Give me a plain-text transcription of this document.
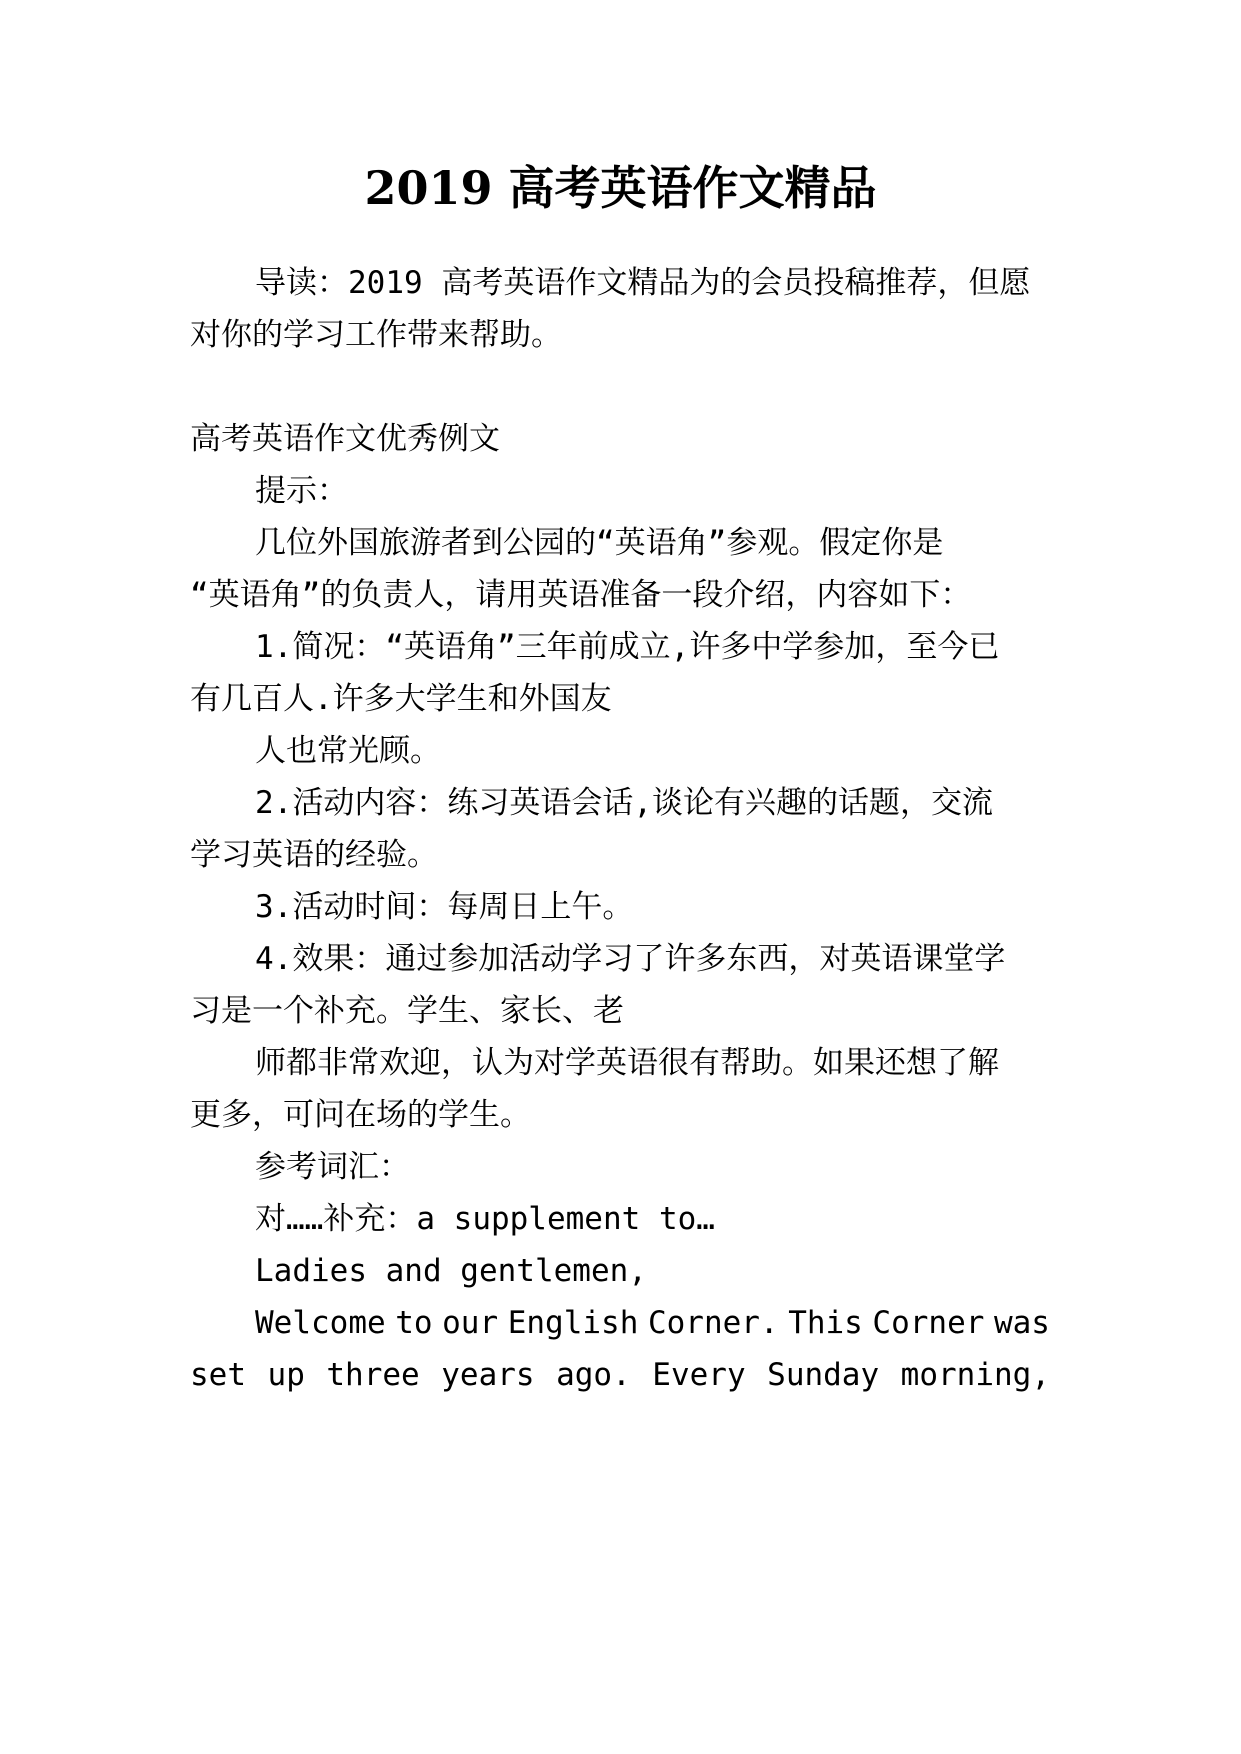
2019 高考英语作文精品
导读：2019 高考英语作文精品为的会员投稿推荐，但愿
对你的学习工作带来帮助。
高考英语作文优秀例文
提示：
几位外国旅游者到公园的“英语角”参观。假定你是
“英语角”的负责人，请用英语准备一段介绍，内容如下：
1.简况：“英语角”三年前成立,许多中学参加，至今已
有几百人.许多大学生和外国友
人也常光顾。
2.活动内容：练习英语会话,谈论有兴趣的话题，交流
学习英语的经验。
3.活动时间：每周日上午。
4.效果：通过参加活动学习了许多东西，对英语课堂学
习是一个补充。学生、家长、老
师都非常欢迎，认为对学英语很有帮助。如果还想了解
更多，可问在场的学生。
参考词汇：
对……补充：a supplement to…
Ladies and gentlemen,
Welcome to our English Corner. This Corner was
set up three years ago. Every Sunday morning,
